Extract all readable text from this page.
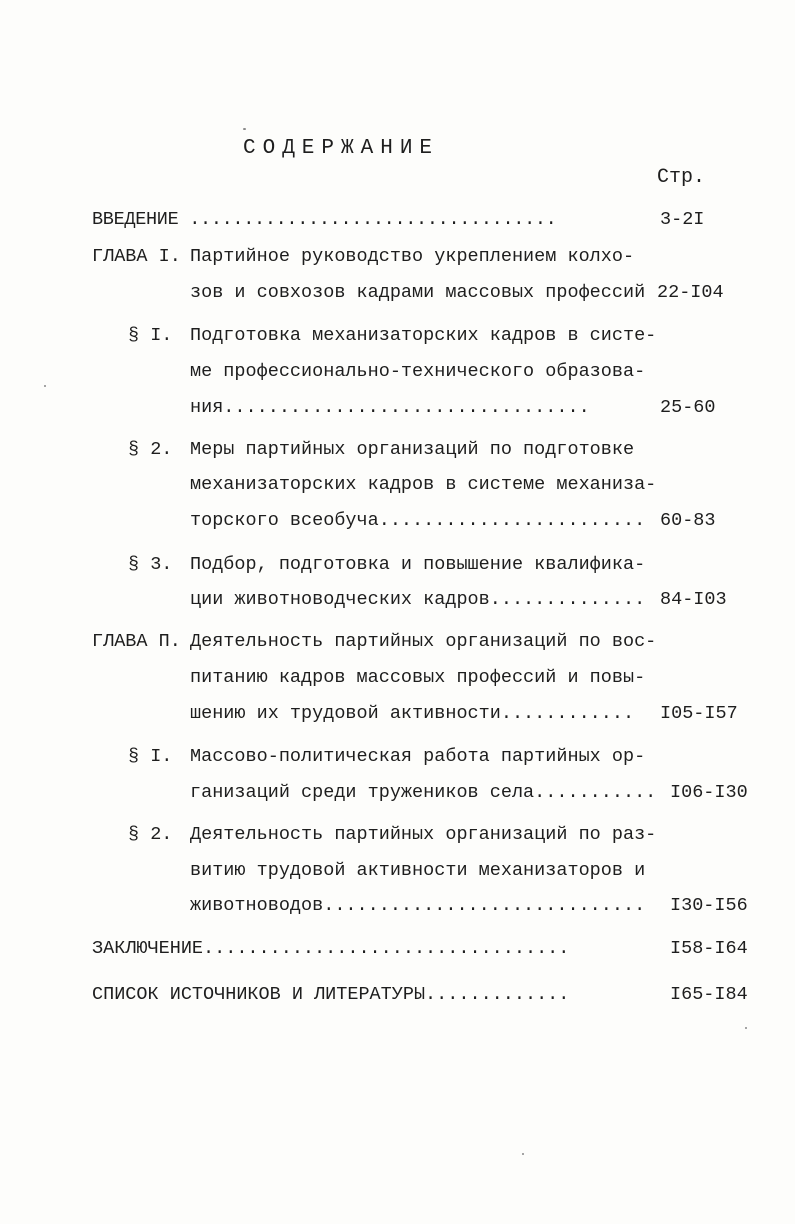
СОДЕРЖАНИЕ
Стр.
ВВЕДЕНИЕ ..................................	3-2I
ГЛАВА I. Партийное руководство укреплением колхо-
зов и совхозов кадрами массовых профессий 22-I04
§ I. Подготовка механизаторских кадров в систе-
ме профессионально-технического образова-
ния.................................	25-60
§ 2. Меры партийных организаций по подготовке
механизаторских кадров в системе механиза-
торского всеобуча........................ 60-83
§ 3. Подбор, подготовка и повышение квалифика-
ции животноводческих кадров.............. 84-I03
ГЛАВА П. Деятельность партийных организаций по вос-
питанию кадров массовых профессий и повы-
шению их трудовой активности............ I05-I57
§ I. Массово-политическая работа партийных ор-
ганизаций среди тружеников села........... I06-I30
§ 2. Деятельность партийных организаций по раз-
витию трудовой активности механизаторов и
животноводов............................. I30-I56
ЗАКЛЮЧЕНИЕ.................................	I58-I64
СПИСОК ИСТОЧНИКОВ И ЛИТЕРАТУРЫ.............	I65-I84
